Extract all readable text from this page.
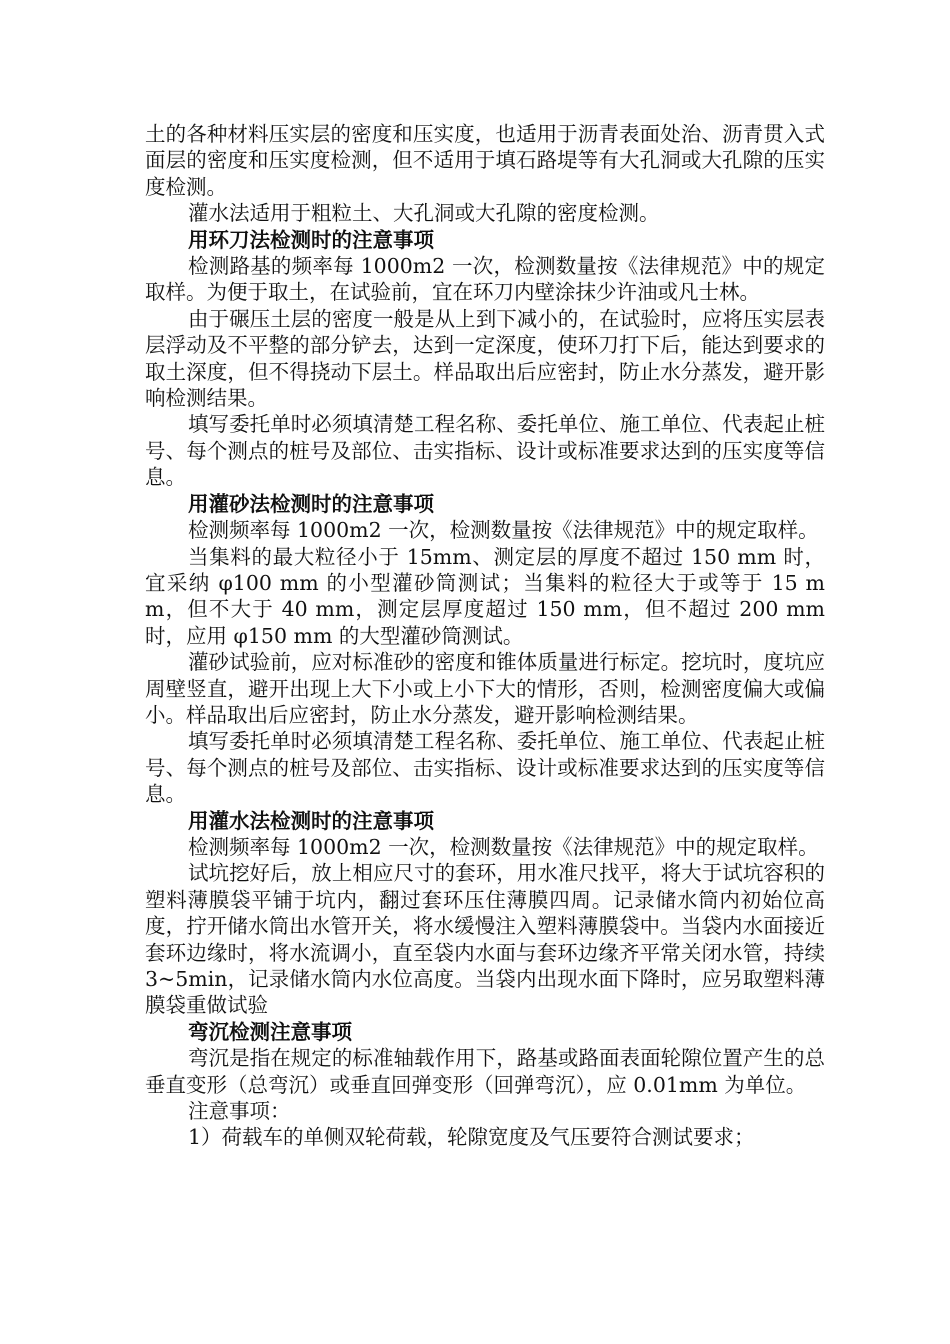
土的各种材料压实层的密度和压实度，也适用于沥青表面处治、沥青贯入式面层的密度和压实度检测，但不适用于填石路堤等有大孔洞或大孔隙的压实度检测。

灌水法适用于粗粒土、大孔洞或大孔隙的密度检测。

用环刀法检测时的注意事项

检测路基的频率每 1000m2 一次，检测数量按《法律规范》中的规定取样。为便于取土，在试验前，宜在环刀内壁涂抹少许油或凡士林。

由于碾压土层的密度一般是从上到下减小的，在试验时，应将压实层表层浮动及不平整的部分铲去，达到一定深度，使环刀打下后，能达到要求的取土深度，但不得挠动下层土。样品取出后应密封，防止水分蒸发，避开影响检测结果。

填写委托单时必须填清楚工程名称、委托单位、施工单位、代表起止桩号、每个测点的桩号及部位、击实指标、设计或标准要求达到的压实度等信息。

用灌砂法检测时的注意事项

检测频率每 1000m2 一次，检测数量按《法律规范》中的规定取样。

当集料的最大粒径小于 15mm、测定层的厚度不超过 150 mm 时，宜采纳 φ100 mm 的小型灌砂筒测试；当集料的粒径大于或等于 15 mm，但不大于 40 mm，测定层厚度超过 150 mm，但不超过 200 mm 时，应用 φ150 mm 的大型灌砂筒测试。

灌砂试验前，应对标准砂的密度和锥体质量进行标定。挖坑时，度坑应周壁竖直，避开出现上大下小或上小下大的情形，否则，检测密度偏大或偏小。样品取出后应密封，防止水分蒸发，避开影响检测结果。

填写委托单时必须填清楚工程名称、委托单位、施工单位、代表起止桩号、每个测点的桩号及部位、击实指标、设计或标准要求达到的压实度等信息。

用灌水法检测时的注意事项

检测频率每 1000m2 一次，检测数量按《法律规范》中的规定取样。

试坑挖好后，放上相应尺寸的套环，用水准尺找平，将大于试坑容积的塑料薄膜袋平铺于坑内，翻过套环压住薄膜四周。记录储水筒内初始位高度，拧开储水筒出水管开关，将水缓慢注入塑料薄膜袋中。当袋内水面接近套环边缘时，将水流调小，直至袋内水面与套环边缘齐平常关闭水管，持续 3~5min，记录储水筒内水位高度。当袋内出现水面下降时，应另取塑料薄膜袋重做试验

弯沉检测注意事项

弯沉是指在规定的标准轴载作用下，路基或路面表面轮隙位置产生的总垂直变形（总弯沉）或垂直回弹变形（回弹弯沉），应 0.01mm 为单位。

注意事项：

1）荷载车的单侧双轮荷载，轮隙宽度及气压要符合测试要求；
